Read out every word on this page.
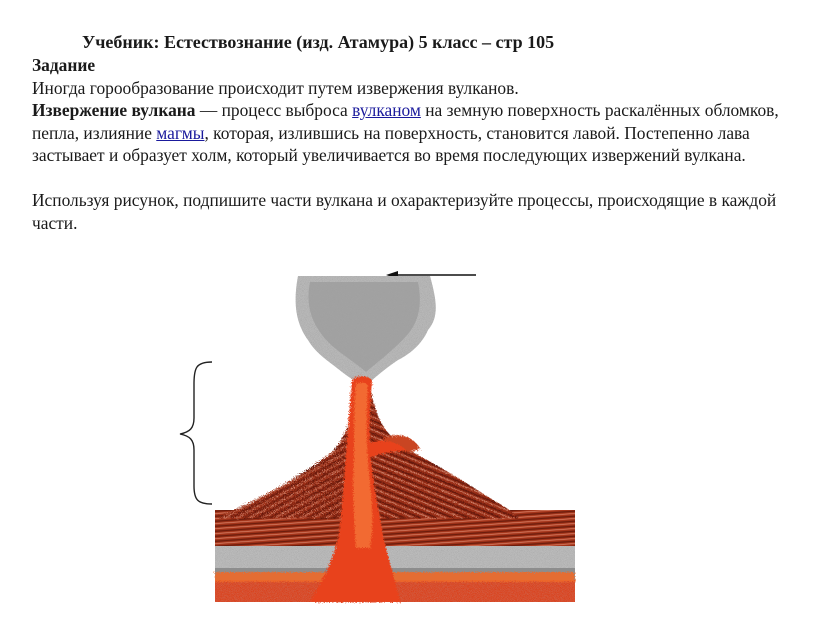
Учебник: Естествознание (изд. Атамура) 5 класс – стр 105

Задание

Иногда горообразование происходит путем извержения вулканов.

Извержение вулкана — процесс выброса вулканом на земную поверхность раскалённых обломков, пепла, излияние магмы, которая, излившись на поверхность, становится лавой. Постепенно лава застывает и образует холм, который увеличивается во время последующих извержений вулкана.

Используя рисунок, подпишите части вулкана и охарактеризуйте процессы, происходящие в каждой части.
